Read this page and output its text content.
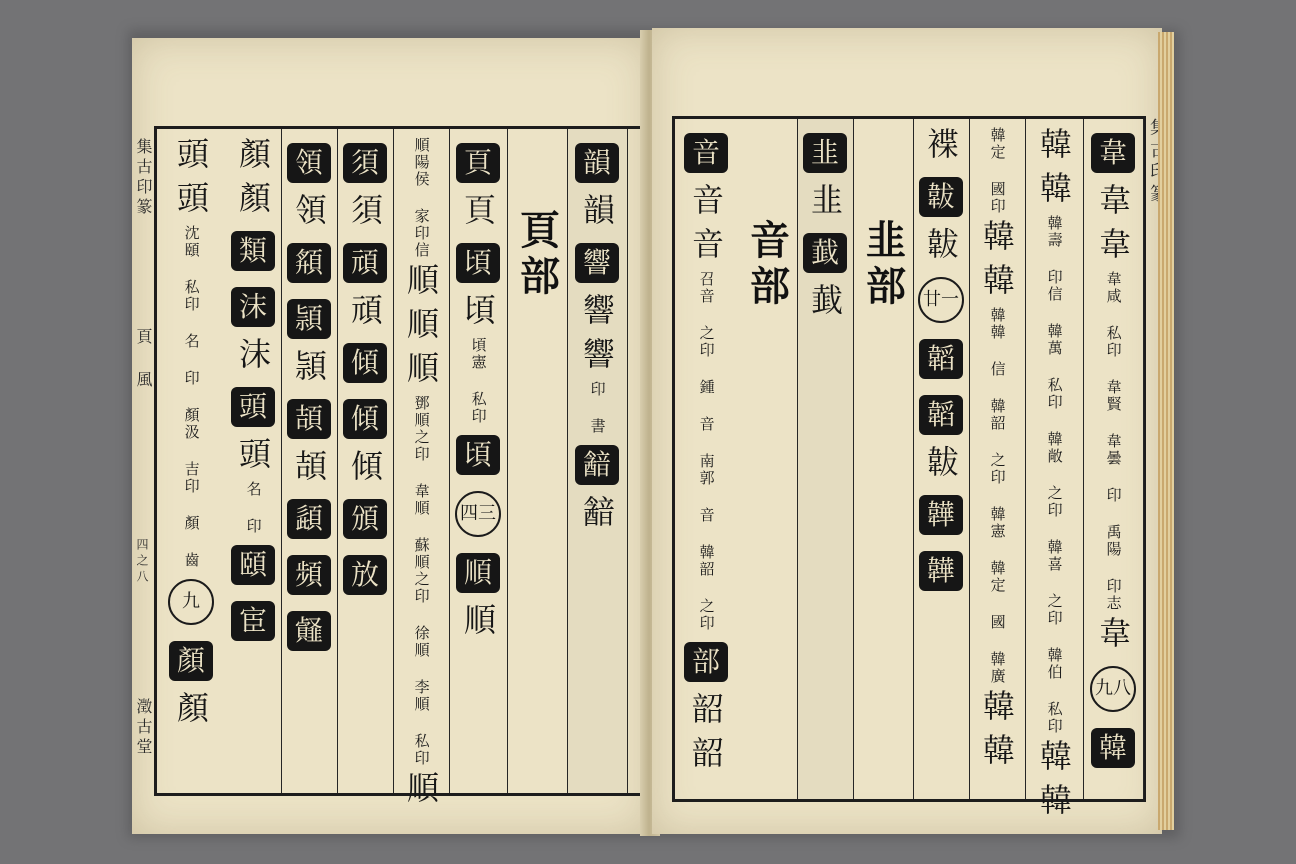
集古印篆
頁 風
四之八
澂古堂
韻
韻
響
響
響
印 書
韽
韽
頁部
頁
頁
頃
頃
頃憲 私印
頃
四三
順
順
順陽侯 家印信
順
順
順
鄧順之印 韋順 蘇順之印 徐順 李順 私印
順
須
須
頑
頑
傾
傾
傾
頒
放
領
領
頯
頴
頴
頡
頡
頿
頻
䪥
顏
顏
類
沫
沫
頭
頭
名 印
頤
宦
頭
頭
沈頤 私印 名 印 顏汲 吉印 顏 齒
九
顏
顏
韋
韋
韋
韋咸 私印 韋賢 韋曇 印 禹陽 印志
韋
九八
韓
韓
韓
韓壽 印信 韓萬 私印 韓敞 之印 韓喜 之印 韓伯 私印
韓
韓
韓定 國印
韓
韓
韓韓 信 韓韶 之印 韓憲 韓定 國 韓廣
韓
韓
褋
韍
韍
廿一
韜
韜
韍
韡
韡
韭部
韭
韭
韯
韯
音部
音
音
音
召音 之印 鍾 音 南郭 音 韓韶 之印
部
韶
韶
